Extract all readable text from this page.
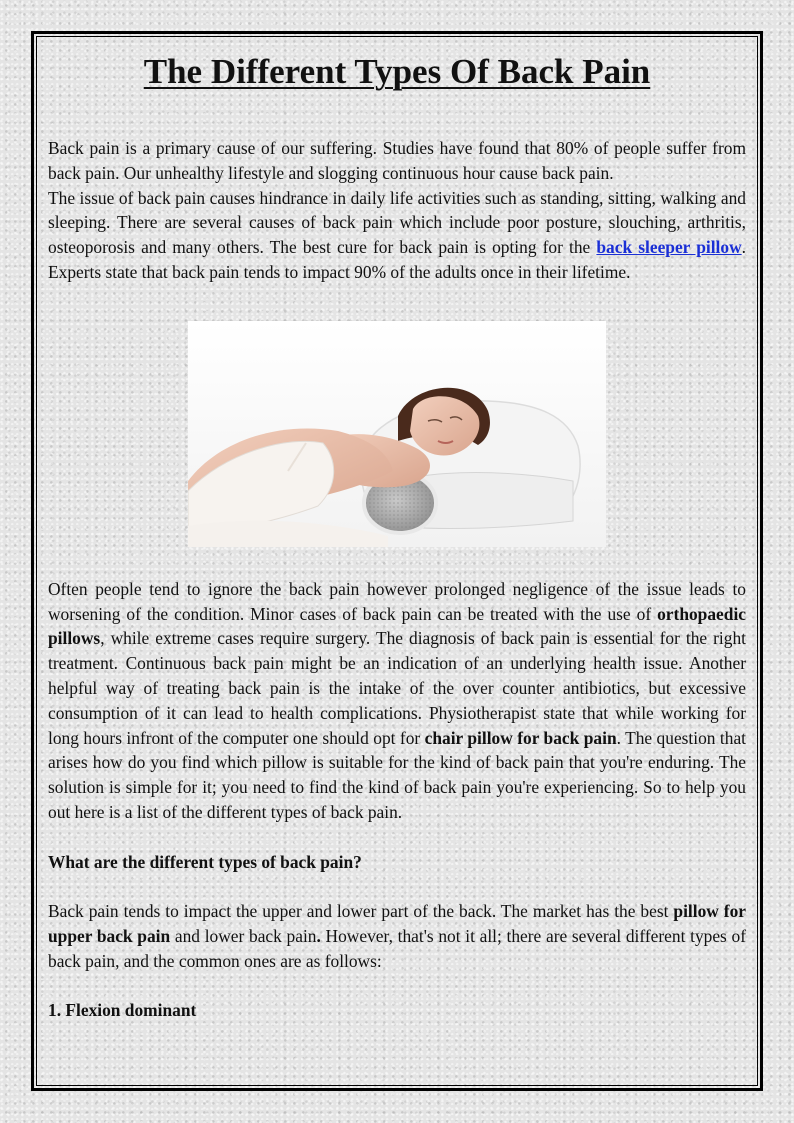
The Different Types Of Back Pain

Back pain is a primary cause of our suffering. Studies have found that 80% of people suffer from back pain. Our unhealthy lifestyle and slogging continuous hour cause back pain.

The issue of back pain causes hindrance in daily life activities such as standing, sitting, walking and sleeping. There are several causes of back pain which include poor posture, slouching, arthritis, osteoporosis and many others. The best cure for back pain is opting for the back sleeper pillow. Experts state that back pain tends to impact 90% of the adults once in their lifetime.

Often people tend to ignore the back pain however prolonged negligence of the issue leads to worsening of the condition. Minor cases of back pain can be treated with the use of orthopaedic pillows, while extreme cases require surgery. The diagnosis of back pain is essential for the right treatment. Continuous back pain might be an indication of an underlying health issue. Another helpful way of treating back pain is the intake of the over counter antibiotics, but excessive consumption of it can lead to health complications. Physiotherapist state that while working for long hours infront of the computer one should opt for chair pillow for back pain. The question that arises how do you find which pillow is suitable for the kind of back pain that you're enduring. The solution is simple for it; you need to find the kind of back pain you're experiencing. So to help you out here is a list of the different types of back pain.

What are the different types of back pain?

Back pain tends to impact the upper and lower part of the back. The market has the best pillow for upper back pain and lower back pain. However, that's not it all; there are several different types of back pain, and the common ones are as follows:

1. Flexion dominant
